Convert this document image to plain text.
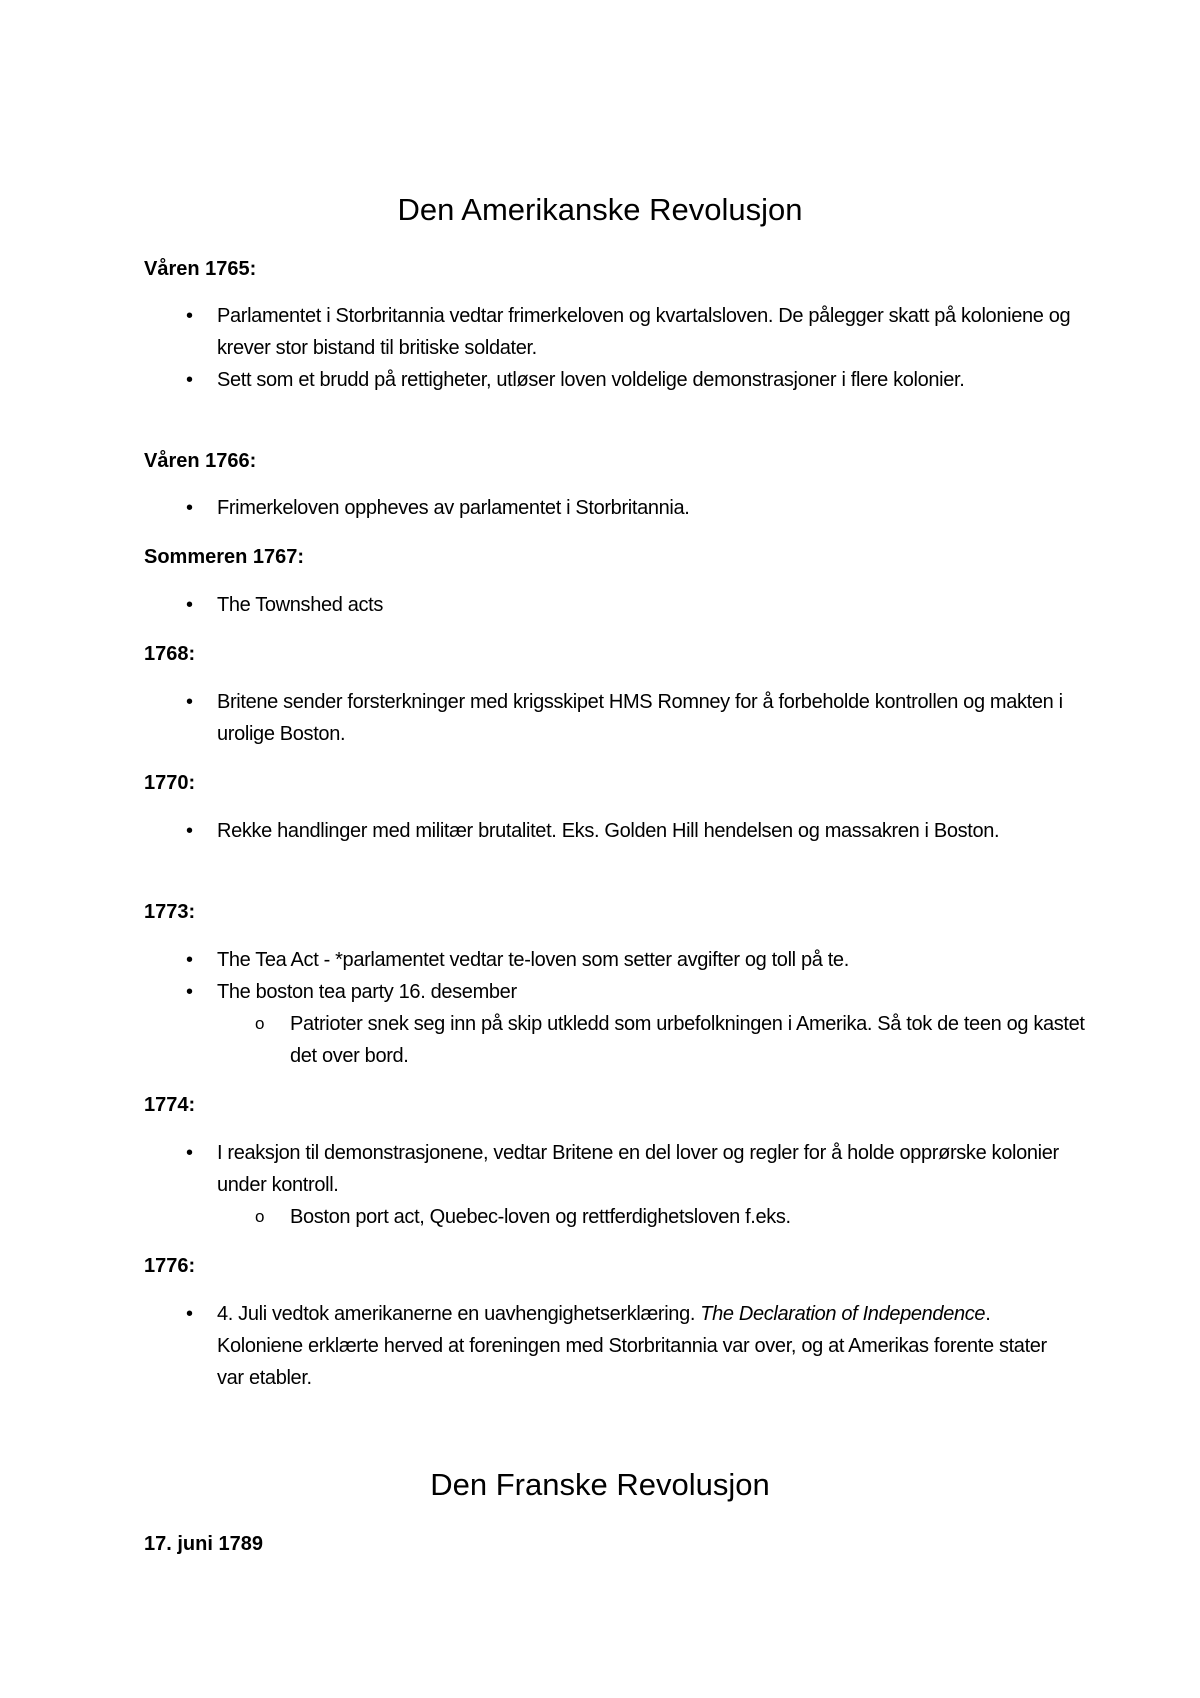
Den Amerikanske Revolusjon
Våren 1765:
• Parlamentet i Storbritannia vedtar frimerkeloven og kvartalsloven. De pålegger skatt på koloniene og krever stor bistand til britiske soldater.
• Sett som et brudd på rettigheter, utløser loven voldelige demonstrasjoner i flere kolonier.
Våren 1766:
• Frimerkeloven oppheves av parlamentet i Storbritannia.
Sommeren 1767:
• The Townshed acts
1768:
• Britene sender forsterkninger med krigsskipet HMS Romney for å forbeholde kontrollen og makten i urolige Boston.
1770:
• Rekke handlinger med militær brutalitet. Eks. Golden Hill hendelsen og massakren i Boston.
1773:
• The Tea Act - *parlamentet vedtar te-loven som setter avgifter og toll på te.
• The boston tea party 16. desember
o Patrioter snek seg inn på skip utkledd som urbefolkningen i Amerika. Så tok de teen og kastet det over bord.
1774:
• I reaksjon til demonstrasjonene, vedtar Britene en del lover og regler for å holde opprørske kolonier under kontroll.
o Boston port act, Quebec-loven og rettferdighetsloven f.eks.
1776:
• 4. Juli vedtok amerikanerne en uavhengighetserklæring. The Declaration of Independence. Koloniene erklærte herved at foreningen med Storbritannia var over, og at Amerikas forente stater var etabler.
Den Franske Revolusjon
17. juni 1789
